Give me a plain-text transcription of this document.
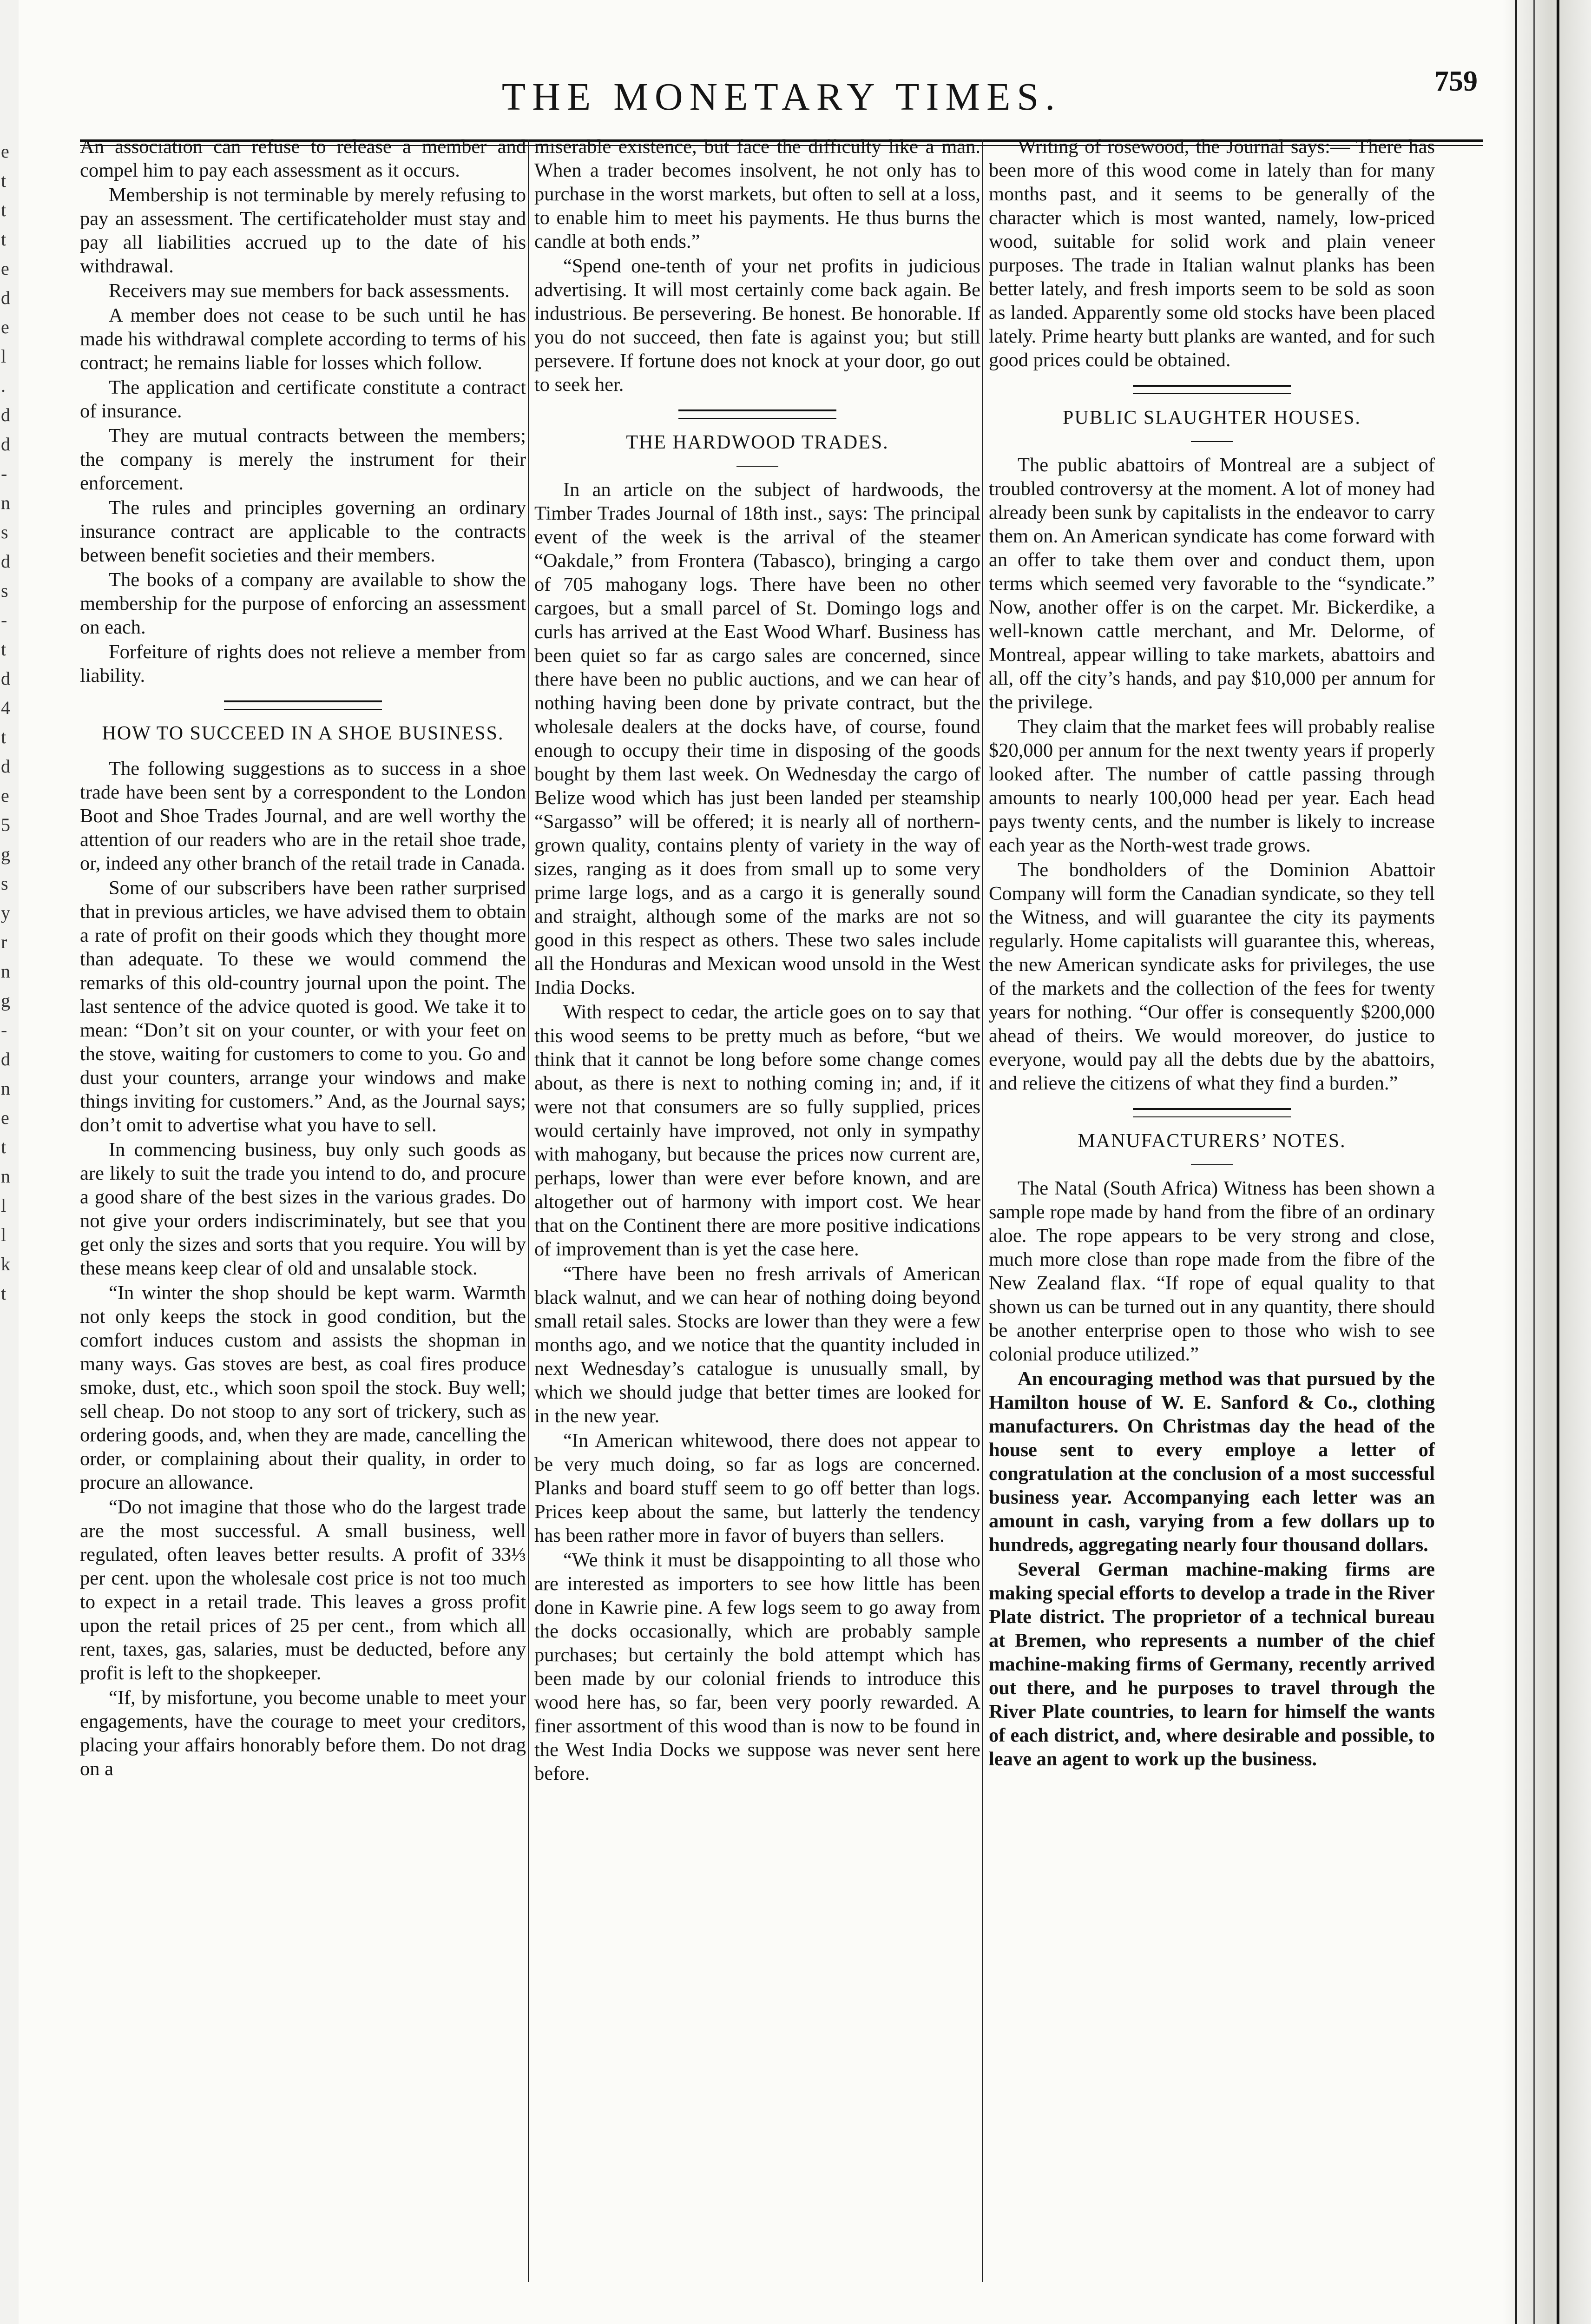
e
t
t
t
e
d
e
l
.
d
d
-
n
s
d
s
-
t
d
4
t
d
e
5
g
s
y
r
n
g
-
d
n
e
t
n
l
l
k
t
THE MONETARY TIMES.	759

An association can refuse to release a member and compel him to pay each assessment as it occurs.

Membership is not terminable by merely refusing to pay an assessment. The certificateholder must stay and pay all liabilities accrued up to the date of his withdrawal.

Receivers may sue members for back assessments.

A member does not cease to be such until he has made his withdrawal complete according to terms of his contract; he remains liable for losses which follow.

The application and certificate constitute a contract of insurance.

They are mutual contracts between the members; the company is merely the instrument for their enforcement.

The rules and principles governing an ordinary insurance contract are applicable to the contracts between benefit societies and their members.

The books of a company are available to show the membership for the purpose of enforcing an assessment on each.

Forfeiture of rights does not relieve a member from liability.

HOW TO SUCCEED IN A SHOE BUSINESS.

The following suggestions as to success in a shoe trade have been sent by a correspondent to the London Boot and Shoe Trades Journal, and are well worthy the attention of our readers who are in the retail shoe trade, or, indeed any other branch of the retail trade in Canada.

Some of our subscribers have been rather surprised that in previous articles, we have advised them to obtain a rate of profit on their goods which they thought more than adequate. To these we would commend the remarks of this old-country journal upon the point. The last sentence of the advice quoted is good. We take it to mean: “Don’t sit on your counter, or with your feet on the stove, waiting for customers to come to you. Go and dust your counters, arrange your windows and make things inviting for customers.” And, as the Journal says; don’t omit to advertise what you have to sell.

In commencing business, buy only such goods as are likely to suit the trade you intend to do, and procure a good share of the best sizes in the various grades. Do not give your orders indiscriminately, but see that you get only the sizes and sorts that you require. You will by these means keep clear of old and unsalable stock.

“In winter the shop should be kept warm. Warmth not only keeps the stock in good condition, but the comfort induces custom and assists the shopman in many ways. Gas stoves are best, as coal fires produce smoke, dust, etc., which soon spoil the stock. Buy well; sell cheap. Do not stoop to any sort of trickery, such as ordering goods, and, when they are made, cancelling the order, or complaining about their quality, in order to procure an allowance.

“Do not imagine that those who do the largest trade are the most successful. A small business, well regulated, often leaves better results. A profit of 33⅓ per cent. upon the wholesale cost price is not too much to expect in a retail trade. This leaves a gross profit upon the retail prices of 25 per cent., from which all rent, taxes, gas, salaries, must be deducted, before any profit is left to the shopkeeper.

“If, by misfortune, you become unable to meet your engagements, have the courage to meet your creditors, placing your affairs honorably before them. Do not drag on a

miserable existence, but face the difficulty like a man. When a trader becomes insolvent, he not only has to purchase in the worst markets, but often to sell at a loss, to enable him to meet his payments. He thus burns the candle at both ends.”

“Spend one-tenth of your net profits in judicious advertising. It will most certainly come back again. Be industrious. Be persevering. Be honest. Be honorable. If you do not succeed, then fate is against you; but still persevere. If fortune does not knock at your door, go out to seek her.

THE HARDWOOD TRADES.

In an article on the subject of hardwoods, the Timber Trades Journal of 18th inst., says: The principal event of the week is the arrival of the steamer “Oakdale,” from Frontera (Tabasco), bringing a cargo of 705 mahogany logs. There have been no other cargoes, but a small parcel of St. Domingo logs and curls has arrived at the East Wood Wharf. Business has been quiet so far as cargo sales are concerned, since there have been no public auctions, and we can hear of nothing having been done by private contract, but the wholesale dealers at the docks have, of course, found enough to occupy their time in disposing of the goods bought by them last week. On Wednesday the cargo of Belize wood which has just been landed per steamship “Sargasso” will be offered; it is nearly all of northern-grown quality, contains plenty of variety in the way of sizes, ranging as it does from small up to some very prime large logs, and as a cargo it is generally sound and straight, although some of the marks are not so good in this respect as others. These two sales include all the Honduras and Mexican wood unsold in the West India Docks.

With respect to cedar, the article goes on to say that this wood seems to be pretty much as before, “but we think that it cannot be long before some change comes about, as there is next to nothing coming in; and, if it were not that consumers are so fully supplied, prices would certainly have improved, not only in sympathy with mahogany, but because the prices now current are, perhaps, lower than were ever before known, and are altogether out of harmony with import cost. We hear that on the Continent there are more positive indications of improvement than is yet the case here.

“There have been no fresh arrivals of American black walnut, and we can hear of nothing doing beyond small retail sales. Stocks are lower than they were a few months ago, and we notice that the quantity included in next Wednesday’s catalogue is unusually small, by which we should judge that better times are looked for in the new year.

“In American whitewood, there does not appear to be very much doing, so far as logs are concerned. Planks and board stuff seem to go off better than logs. Prices keep about the same, but latterly the tendency has been rather more in favor of buyers than sellers.

“We think it must be disappointing to all those who are interested as importers to see how little has been done in Kawrie pine. A few logs seem to go away from the docks occasionally, which are probably sample purchases; but certainly the bold attempt which has been made by our colonial friends to introduce this wood here has, so far, been very poorly rewarded. A finer assortment of this wood than is now to be found in the West India Docks we suppose was never sent here before.

Writing of rosewood, the Journal says:— There has been more of this wood come in lately than for many months past, and it seems to be generally of the character which is most wanted, namely, low-priced wood, suitable for solid work and plain veneer purposes. The trade in Italian walnut planks has been better lately, and fresh imports seem to be sold as soon as landed. Apparently some old stocks have been placed lately. Prime hearty butt planks are wanted, and for such good prices could be obtained.

PUBLIC SLAUGHTER HOUSES.

The public abattoirs of Montreal are a subject of troubled controversy at the moment. A lot of money had already been sunk by capitalists in the endeavor to carry them on. An American syndicate has come forward with an offer to take them over and conduct them, upon terms which seemed very favorable to the “syndicate.” Now, another offer is on the carpet. Mr. Bickerdike, a well-known cattle merchant, and Mr. Delorme, of Montreal, appear willing to take markets, abattoirs and all, off the city’s hands, and pay $10,000 per annum for the privilege.

They claim that the market fees will probably realise $20,000 per annum for the next twenty years if properly looked after. The number of cattle passing through amounts to nearly 100,000 head per year. Each head pays twenty cents, and the number is likely to increase each year as the North-west trade grows.

The bondholders of the Dominion Abattoir Company will form the Canadian syndicate, so they tell the Witness, and will guarantee the city its payments regularly. Home capitalists will guarantee this, whereas, the new American syndicate asks for privileges, the use of the markets and the collection of the fees for twenty years for nothing. “Our offer is consequently $200,000 ahead of theirs. We would moreover, do justice to everyone, would pay all the debts due by the abattoirs, and relieve the citizens of what they find a burden.”

MANUFACTURERS’ NOTES.

The Natal (South Africa) Witness has been shown a sample rope made by hand from the fibre of an ordinary aloe. The rope appears to be very strong and close, much more close than rope made from the fibre of the New Zealand flax. “If rope of equal quality to that shown us can be turned out in any quantity, there should be another enterprise open to those who wish to see colonial produce utilized.”

An encouraging method was that pursued by the Hamilton house of W. E. Sanford & Co., clothing manufacturers. On Christmas day the head of the house sent to every employe a letter of congratulation at the conclusion of a most successful business year. Accompanying each letter was an amount in cash, varying from a few dollars up to hundreds, aggregating nearly four thousand dollars.

Several German machine-making firms are making special efforts to develop a trade in the River Plate district. The proprietor of a technical bureau at Bremen, who represents a number of the chief machine-making firms of Germany, recently arrived out there, and he purposes to travel through the River Plate countries, to learn for himself the wants of each district, and, where desirable and possible, to leave an agent to work up the business.
